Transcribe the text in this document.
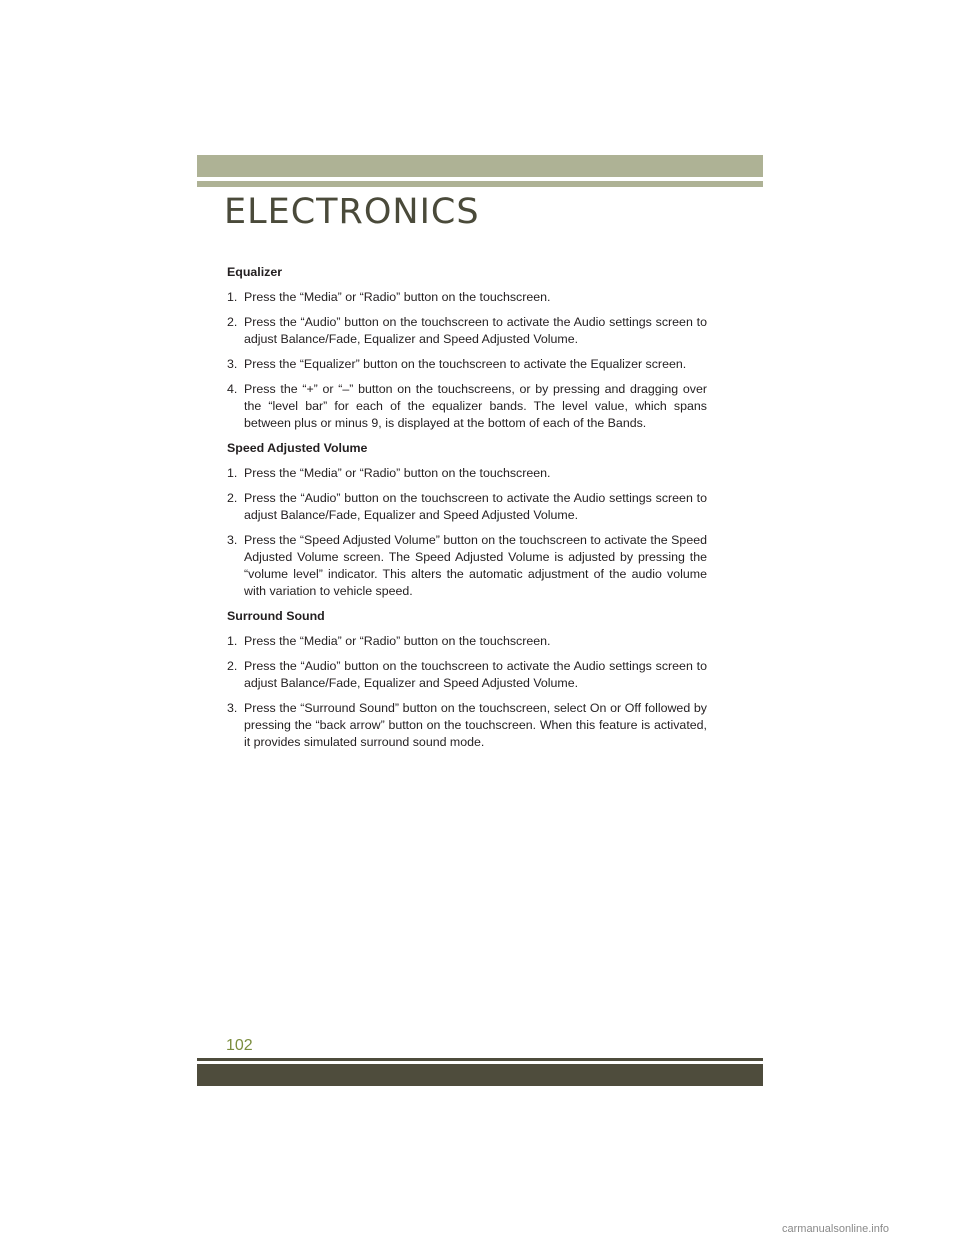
ELECTRONICS

Equalizer

1. Press the “Media” or “Radio” button on the touchscreen.
2. Press the “Audio” button on the touchscreen to activate the Audio settings screen to adjust Balance/Fade, Equalizer and Speed Adjusted Volume.
3. Press the “Equalizer” button on the touchscreen to activate the Equalizer screen.
4. Press the “+” or “–” button on the touchscreens, or by pressing and dragging over the “level bar” for each of the equalizer bands. The level value, which spans between plus or minus 9, is displayed at the bottom of each of the Bands.

Speed Adjusted Volume

1. Press the “Media” or “Radio” button on the touchscreen.
2. Press the “Audio” button on the touchscreen to activate the Audio settings screen to adjust Balance/Fade, Equalizer and Speed Adjusted Volume.
3. Press the “Speed Adjusted Volume” button on the touchscreen to activate the Speed Adjusted Volume screen. The Speed Adjusted Volume is adjusted by pressing the “volume level” indicator. This alters the automatic adjustment of the audio volume with variation to vehicle speed.

Surround Sound

1. Press the “Media” or “Radio” button on the touchscreen.
2. Press the “Audio” button on the touchscreen to activate the Audio settings screen to adjust Balance/Fade, Equalizer and Speed Adjusted Volume.
3. Press the “Surround Sound” button on the touchscreen, select On or Off followed by pressing the “back arrow” button on the touchscreen. When this feature is activated, it provides simulated surround sound mode.
102
carmanualsonline.info
